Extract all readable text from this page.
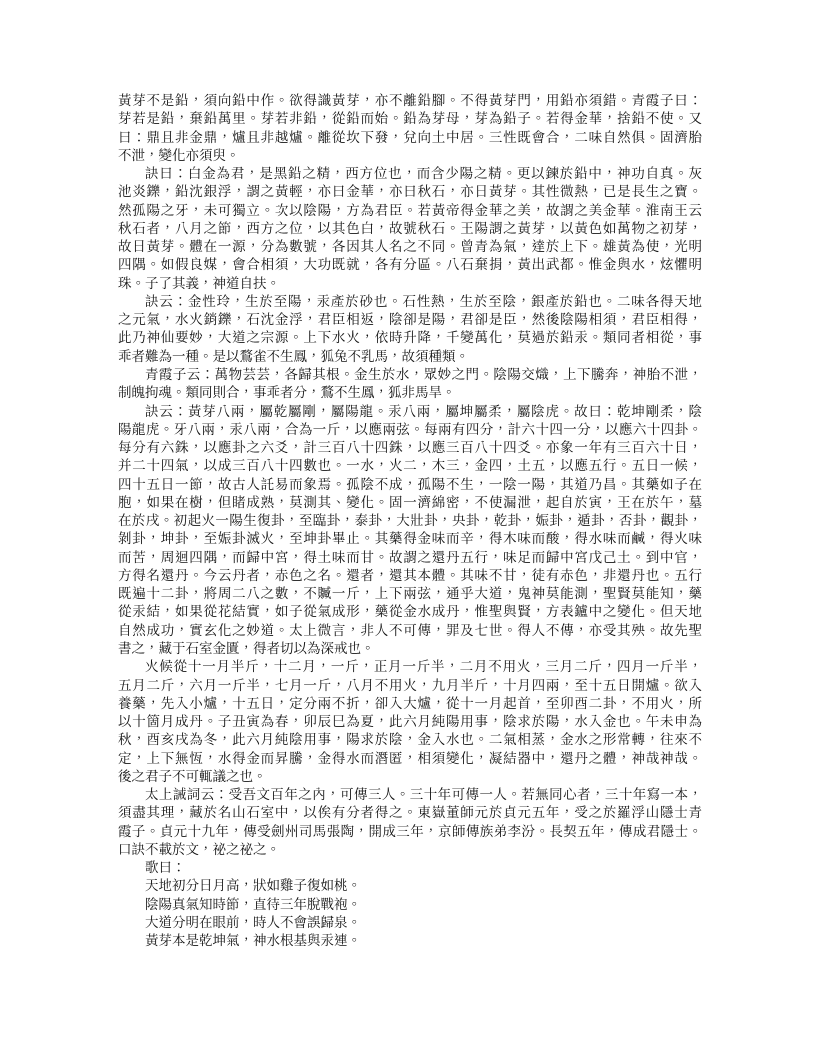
黃芽不是鉛，須向鉛中作。欲得識黃芽，亦不離鉛腳。不得黃芽門，用鉛亦須錯。青霞子曰：
芽若是鉛，棄鉛萬里。芽若非鉛，從鉛而始。鉛為芽母，芽為鉛子。若得金華，捨鉛不使。又
曰：鼎且非金鼎，爐且非越爐。離從坎下發，兌向土中居。三性既會合，二味自然俱。固濟胎
不泄，變化亦須臾。
訣曰：白金為君，是黑鉛之精，西方位也，而含少陽之精。更以鍊於鉛中，神功自真。灰
池炎鑠，鉛沈銀浮，謂之黃輕，亦曰金華，亦曰秋石，亦日黃芽。其性微熱，已是長生之寶。
然孤陽之牙，未可獨立。次以陰陽，方為君臣。若黃帝得金華之美，故謂之美金華。淮南王云
秋石者，八月之節，西方之位，以其色白，故號秋石。王陽謂之黃芽，以黃色如萬物之初芽，
故日黃芽。體在一源，分為數號，各因其人名之不同。曾青為氣，達於上下。雄黃為使，光明
四隅。如假良媒，會合相須，大功既就，各有分區。八石棄捐，黃出武都。惟金與水，炫懼明
珠。子了其義，神道自扶。
訣云：金性玲，生於至陽，汞產於砂也。石性熱，生於至陰，銀產於鉛也。二味各得天地
之元氣，水火銷鑠，石沈金浮，君臣相返，陰卻是陽，君卻是臣，然後陰陽相須，君臣相得，
此乃神仙要妙，大道之宗源。上下水火，依時升降，千變萬化，莫過於鉛汞。類同者相從，事
乖者難為一種。是以鶩雀不生鳳，狐兔不乳馬，故須種類。
青霞子云：萬物芸芸，各歸其根。金生於水，眾妙之門。陰陽交熾，上下騰奔，神胎不泄，
制魄拘魂。類同則合，事乖者分，鶩不生鳳，狐非馬旱。
訣云：黃芽八兩，屬乾屬剛，屬陽龍。汞八兩，屬坤屬柔，屬陰虎。故曰：乾坤剛柔，陰
陽龍虎。牙八兩，汞八兩，合為一斤，以應兩弦。每兩有四分，計六十四一分，以應六十四卦。
每分有六銖，以應卦之六爻，計三百八十四銖，以應三百八十四爻。亦象一年有三百六十日，
并二十四氣，以成三百八十四數也。一水，火二，木三，金四，土五，以應五行。五日一候，
四十五日一節，故古人託易而象焉。孤陰不成，孤陽不生，一陰一陽，其道乃昌。其藥如子在
胞，如果在樹，但睹成熟，莫測其、變化。固一濟綿密，不使漏泄，起自於寅，王在於午，墓
在於戌。初起火一陽生復卦，至臨卦，泰卦，大壯卦，央卦，乾卦，娠卦，遁卦，否卦，觀卦，
剝卦，坤卦，至娠卦滅火，至坤卦畢止。其藥得金味而辛，得木味而酸，得水味而鹹，得火味
而苦，周迴四隅，而歸中宮，得土味而甘。故謂之還丹五行，味足而歸中宮戊己土。到中官，
方得名還丹。今云丹者，赤色之名。還者，還其本體。其味不甘，徒有赤色，非還丹也。五行
既遍十二卦，將周二八之數，不贓一斤，上下兩弦，通乎大道，鬼神莫能測，聖賢莫能知，藥
從汞結，如果從花結實，如子從氣成形，藥從金水成丹，惟聖與賢，方表鑪中之變化。但天地
自然成功，實玄化之妙道。太上微言，非人不可傳，罪及七世。得人不傳，亦受其殃。故先聖
書之，藏于石室金匱，得者切以為深戒也。
火候從十一月半斤，十二月，一斤，正月一斤半，二月不用火，三月二斤，四月一斤半，
五月二斤，六月一斤半，七月一斤，八月不用火，九月半斤，十月四兩，至十五日開爐。欲入
養藥，先入小爐，十五日，定分兩不折，卻入大爐，從十一月起首，至卯酉二卦，不用火，所
以十箇月成丹。子丑寅為春，卯辰巳為夏，此六月純陽用事，陰求於陽，水入金也。午未申為
秋，酉亥戌為冬，此六月純陰用事，陽求於陰，金入水也。二氣相蒸，金水之形常轉，往來不
定，上下無恆，水得金而昇騰，金得水而潛匿，相須變化，凝結器中，還丹之體，神哉神哉。
後之君子不可輒議之也。
太上誡詞云：受吾文百年之內，可傳三人。三十年可傳一人。若無同心者，三十年寫一本，
須盡其理，藏於名山石室中，以俟有分者得之。東嶽董師元於貞元五年，受之於羅浮山隱士青
霞子。貞元十九年，傳受劍州司馬張陶，開成三年，京師傳族弟李汾。長契五年，傳成君隱士。
口訣不載於文，祕之祕之。
歌曰：
天地初分日月高，狀如雞子復如桃。
陰陽真氣知時節，直待三年脫戰袍。
大道分明在眼前，時人不會誤歸泉。
黃芽本是乾坤氣，神水根基與汞連。
